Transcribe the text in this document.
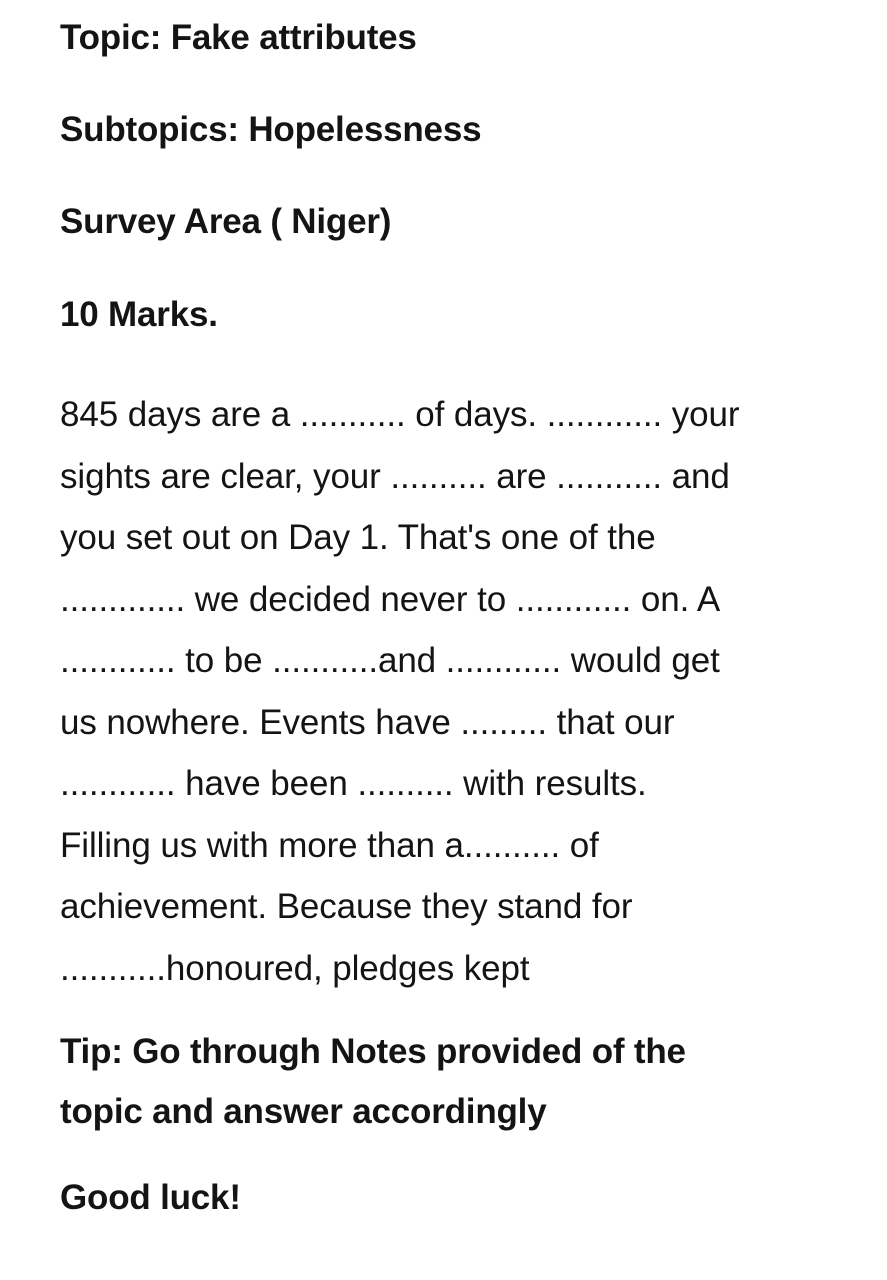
Topic: Fake attributes

Subtopics: Hopelessness

Survey Area ( Niger)

10 Marks.

845 days are a ........... of days. ............ your
sights are clear, your .......... are ........... and
you set out on Day 1. That's one of the
............. we decided never to ............ on. A
............ to be ...........and ............ would get
us nowhere. Events have ......... that our
............ have been .......... with results.
Filling us with more than a.......... of
achievement. Because they stand for
...........honoured, pledges kept
Tip: Go through Notes provided of the
topic and answer accordingly

Good luck!
